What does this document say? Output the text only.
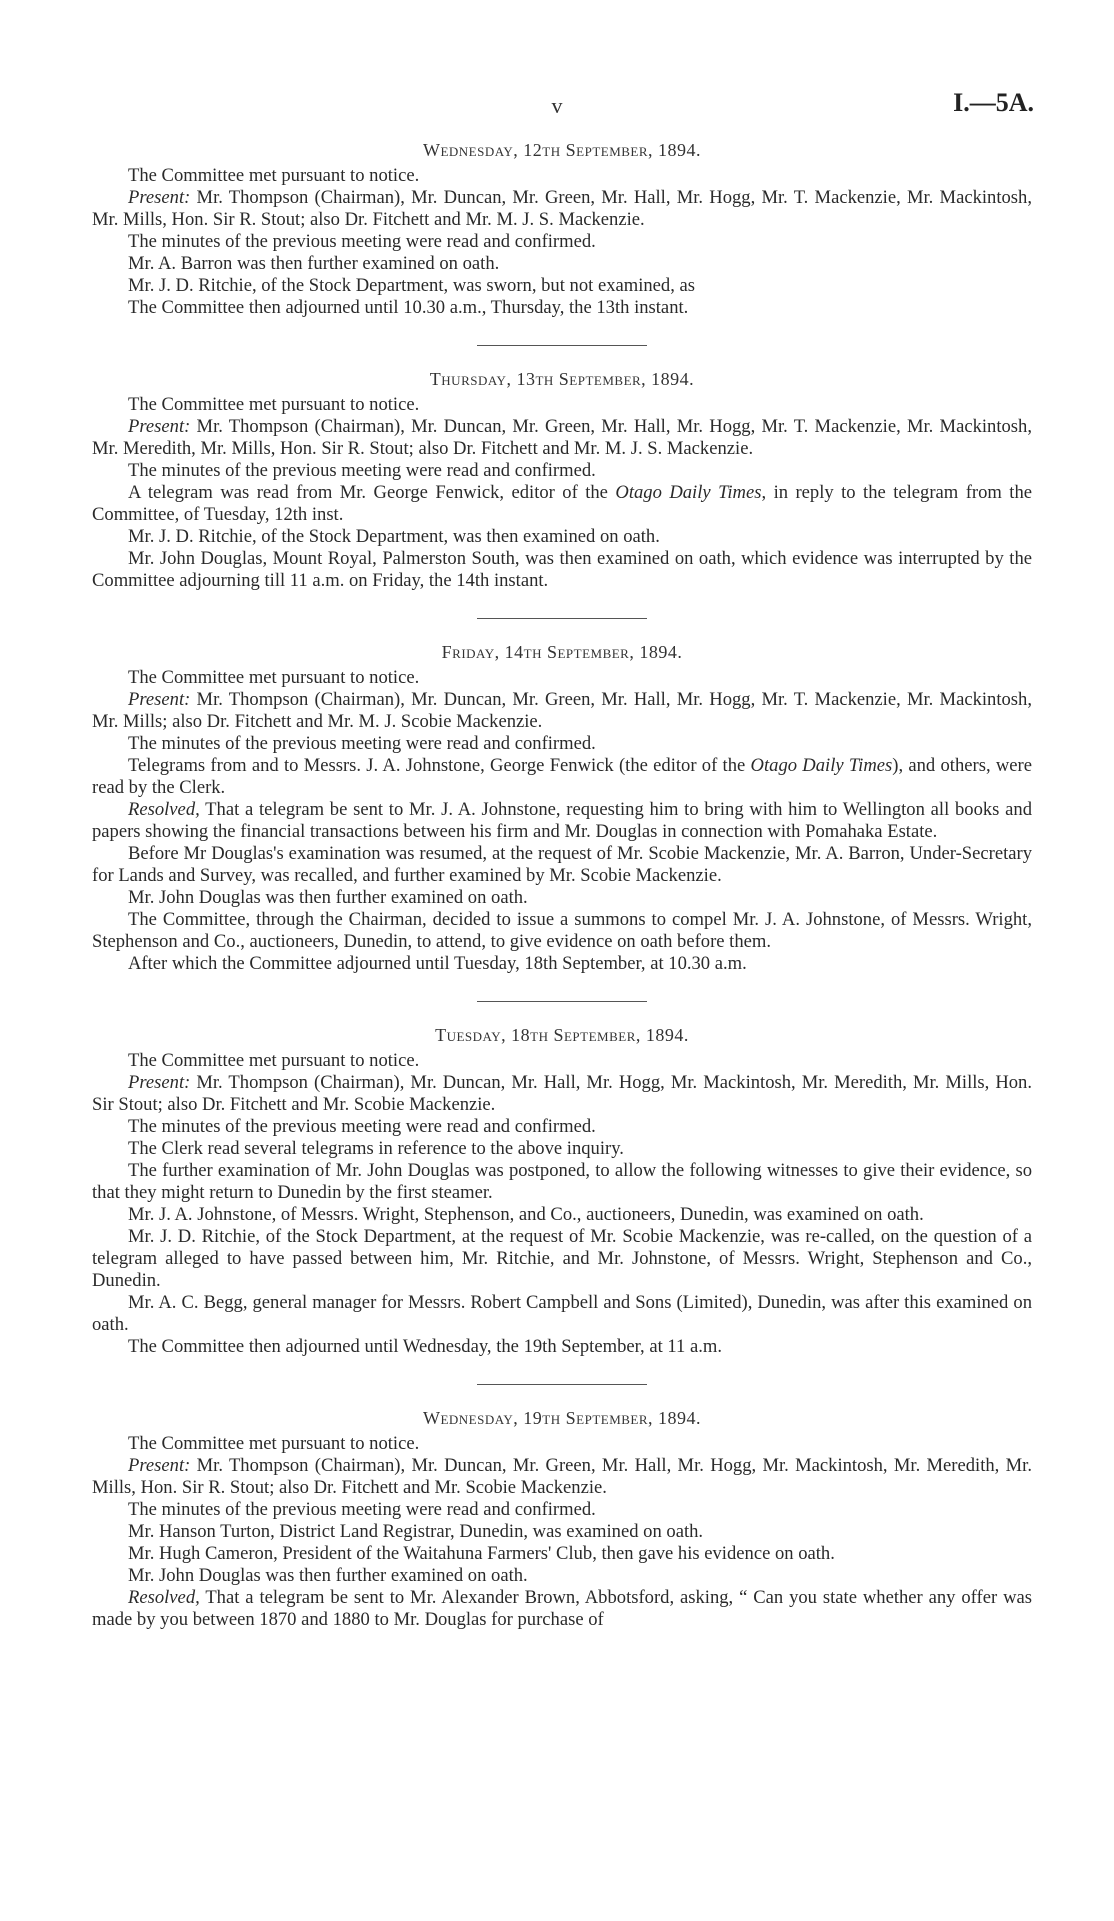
v	I.—5A.
Wednesday, 12th September, 1894.

The Committee met pursuant to notice.

Present: Mr. Thompson (Chairman), Mr. Duncan, Mr. Green, Mr. Hall, Mr. Hogg, Mr. T. Mackenzie, Mr. Mackintosh, Mr. Mills, Hon. Sir R. Stout; also Dr. Fitchett and Mr. M. J. S. Mackenzie.

The minutes of the previous meeting were read and confirmed.

Mr. A. Barron was then further examined on oath.

Mr. J. D. Ritchie, of the Stock Department, was sworn, but not examined, as

The Committee then adjourned until 10.30 a.m., Thursday, the 13th instant.

Thursday, 13th September, 1894.

The Committee met pursuant to notice.

Present: Mr. Thompson (Chairman), Mr. Duncan, Mr. Green, Mr. Hall, Mr. Hogg, Mr. T. Mackenzie, Mr. Mackintosh, Mr. Meredith, Mr. Mills, Hon. Sir R. Stout; also Dr. Fitchett and Mr. M. J. S. Mackenzie.

The minutes of the previous meeting were read and confirmed.

A telegram was read from Mr. George Fenwick, editor of the Otago Daily Times, in reply to the telegram from the Committee, of Tuesday, 12th inst.

Mr. J. D. Ritchie, of the Stock Department, was then examined on oath.

Mr. John Douglas, Mount Royal, Palmerston South, was then examined on oath, which evidence was interrupted by the Committee adjourning till 11 a.m. on Friday, the 14th instant.

Friday, 14th September, 1894.

The Committee met pursuant to notice.

Present: Mr. Thompson (Chairman), Mr. Duncan, Mr. Green, Mr. Hall, Mr. Hogg, Mr. T. Mackenzie, Mr. Mackintosh, Mr. Mills; also Dr. Fitchett and Mr. M. J. Scobie Mackenzie.

The minutes of the previous meeting were read and confirmed.

Telegrams from and to Messrs. J. A. Johnstone, George Fenwick (the editor of the Otago Daily Times), and others, were read by the Clerk.

Resolved, That a telegram be sent to Mr. J. A. Johnstone, requesting him to bring with him to Wellington all books and papers showing the financial transactions between his firm and Mr. Douglas in connection with Pomahaka Estate.

Before Mr Douglas's examination was resumed, at the request of Mr. Scobie Mackenzie, Mr. A. Barron, Under-Secretary for Lands and Survey, was recalled, and further examined by Mr. Scobie Mackenzie.

Mr. John Douglas was then further examined on oath.

The Committee, through the Chairman, decided to issue a summons to compel Mr. J. A. Johnstone, of Messrs. Wright, Stephenson and Co., auctioneers, Dunedin, to attend, to give evidence on oath before them.

After which the Committee adjourned until Tuesday, 18th September, at 10.30 a.m.

Tuesday, 18th September, 1894.

The Committee met pursuant to notice.

Present: Mr. Thompson (Chairman), Mr. Duncan, Mr. Hall, Mr. Hogg, Mr. Mackintosh, Mr. Meredith, Mr. Mills, Hon. Sir Stout; also Dr. Fitchett and Mr. Scobie Mackenzie.

The minutes of the previous meeting were read and confirmed.

The Clerk read several telegrams in reference to the above inquiry.

The further examination of Mr. John Douglas was postponed, to allow the following witnesses to give their evidence, so that they might return to Dunedin by the first steamer.

Mr. J. A. Johnstone, of Messrs. Wright, Stephenson, and Co., auctioneers, Dunedin, was examined on oath.

Mr. J. D. Ritchie, of the Stock Department, at the request of Mr. Scobie Mackenzie, was re-called, on the question of a telegram alleged to have passed between him, Mr. Ritchie, and Mr. Johnstone, of Messrs. Wright, Stephenson and Co., Dunedin.

Mr. A. C. Begg, general manager for Messrs. Robert Campbell and Sons (Limited), Dunedin, was after this examined on oath.

The Committee then adjourned until Wednesday, the 19th September, at 11 a.m.

Wednesday, 19th September, 1894.

The Committee met pursuant to notice.

Present: Mr. Thompson (Chairman), Mr. Duncan, Mr. Green, Mr. Hall, Mr. Hogg, Mr. Mackintosh, Mr. Meredith, Mr. Mills, Hon. Sir R. Stout; also Dr. Fitchett and Mr. Scobie Mackenzie.

The minutes of the previous meeting were read and confirmed.

Mr. Hanson Turton, District Land Registrar, Dunedin, was examined on oath.

Mr. Hugh Cameron, President of the Waitahuna Farmers' Club, then gave his evidence on oath.

Mr. John Douglas was then further examined on oath.

Resolved, That a telegram be sent to Mr. Alexander Brown, Abbotsford, asking, “ Can you state whether any offer was made by you between 1870 and 1880 to Mr. Douglas for purchase of
